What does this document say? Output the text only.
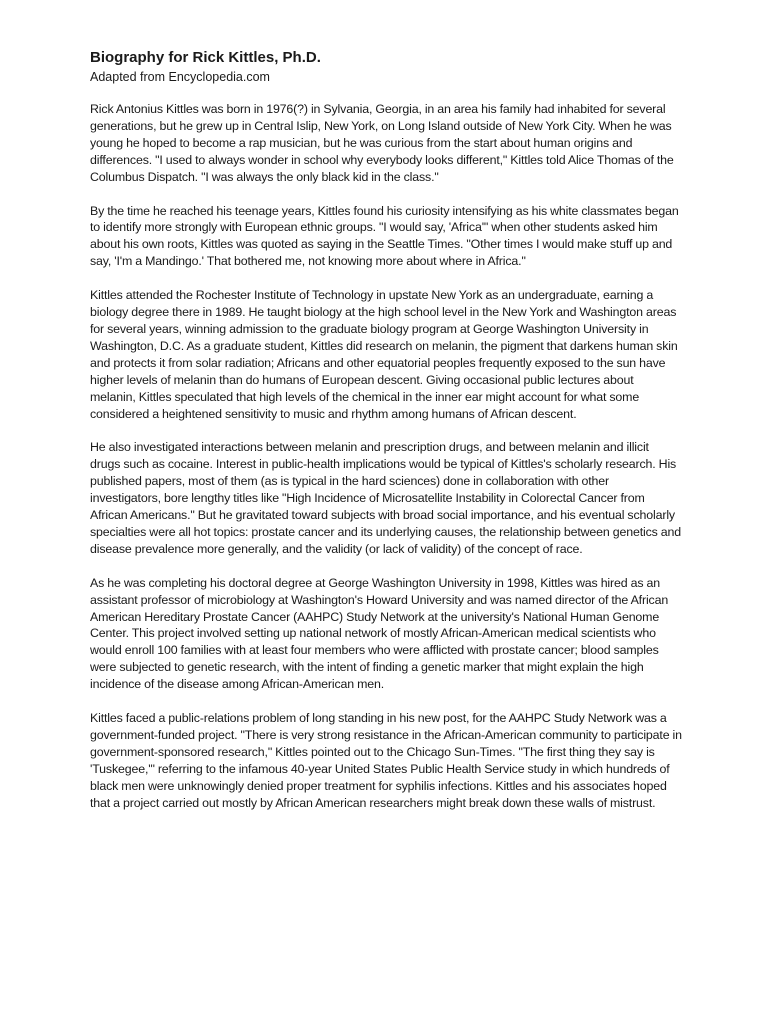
Biography for Rick Kittles, Ph.D.

Adapted from Encyclopedia.com

Rick Antonius Kittles was born in 1976(?) in Sylvania, Georgia, in an area his family had inhabited for several generations, but he grew up in Central Islip, New York, on Long Island outside of New York City. When he was young he hoped to become a rap musician, but he was curious from the start about human origins and differences. "I used to always wonder in school why everybody looks different," Kittles told Alice Thomas of the Columbus Dispatch. "I was always the only black kid in the class."

By the time he reached his teenage years, Kittles found his curiosity intensifying as his white classmates began to identify more strongly with European ethnic groups. "I would say, 'Africa'" when other students asked him about his own roots, Kittles was quoted as saying in the Seattle Times. "Other times I would make stuff up and say, 'I'm a Mandingo.' That bothered me, not knowing more about where in Africa."

Kittles attended the Rochester Institute of Technology in upstate New York as an undergraduate, earning a biology degree there in 1989. He taught biology at the high school level in the New York and Washington areas for several years, winning admission to the graduate biology program at George Washington University in Washington, D.C. As a graduate student, Kittles did research on melanin, the pigment that darkens human skin and protects it from solar radiation; Africans and other equatorial peoples frequently exposed to the sun have higher levels of melanin than do humans of European descent. Giving occasional public lectures about melanin, Kittles speculated that high levels of the chemical in the inner ear might account for what some considered a heightened sensitivity to music and rhythm among humans of African descent.

He also investigated interactions between melanin and prescription drugs, and between melanin and illicit drugs such as cocaine. Interest in public-health implications would be typical of Kittles's scholarly research. His published papers, most of them (as is typical in the hard sciences) done in collaboration with other investigators, bore lengthy titles like "High Incidence of Microsatellite Instability in Colorectal Cancer from African Americans." But he gravitated toward subjects with broad social importance, and his eventual scholarly specialties were all hot topics: prostate cancer and its underlying causes, the relationship between genetics and disease prevalence more generally, and the validity (or lack of validity) of the concept of race.

As he was completing his doctoral degree at George Washington University in 1998, Kittles was hired as an assistant professor of microbiology at Washington's Howard University and was named director of the African American Hereditary Prostate Cancer (AAHPC) Study Network at the university's National Human Genome Center. This project involved setting up national network of mostly African-American medical scientists who would enroll 100 families with at least four members who were afflicted with prostate cancer; blood samples were subjected to genetic research, with the intent of finding a genetic marker that might explain the high incidence of the disease among African-American men.

Kittles faced a public-relations problem of long standing in his new post, for the AAHPC Study Network was a government-funded project. "There is very strong resistance in the African-American community to participate in government-sponsored research," Kittles pointed out to the Chicago Sun-Times. "The first thing they say is 'Tuskegee,'" referring to the infamous 40-year United States Public Health Service study in which hundreds of black men were unknowingly denied proper treatment for syphilis infections. Kittles and his associates hoped that a project carried out mostly by African American researchers might break down these walls of mistrust.
